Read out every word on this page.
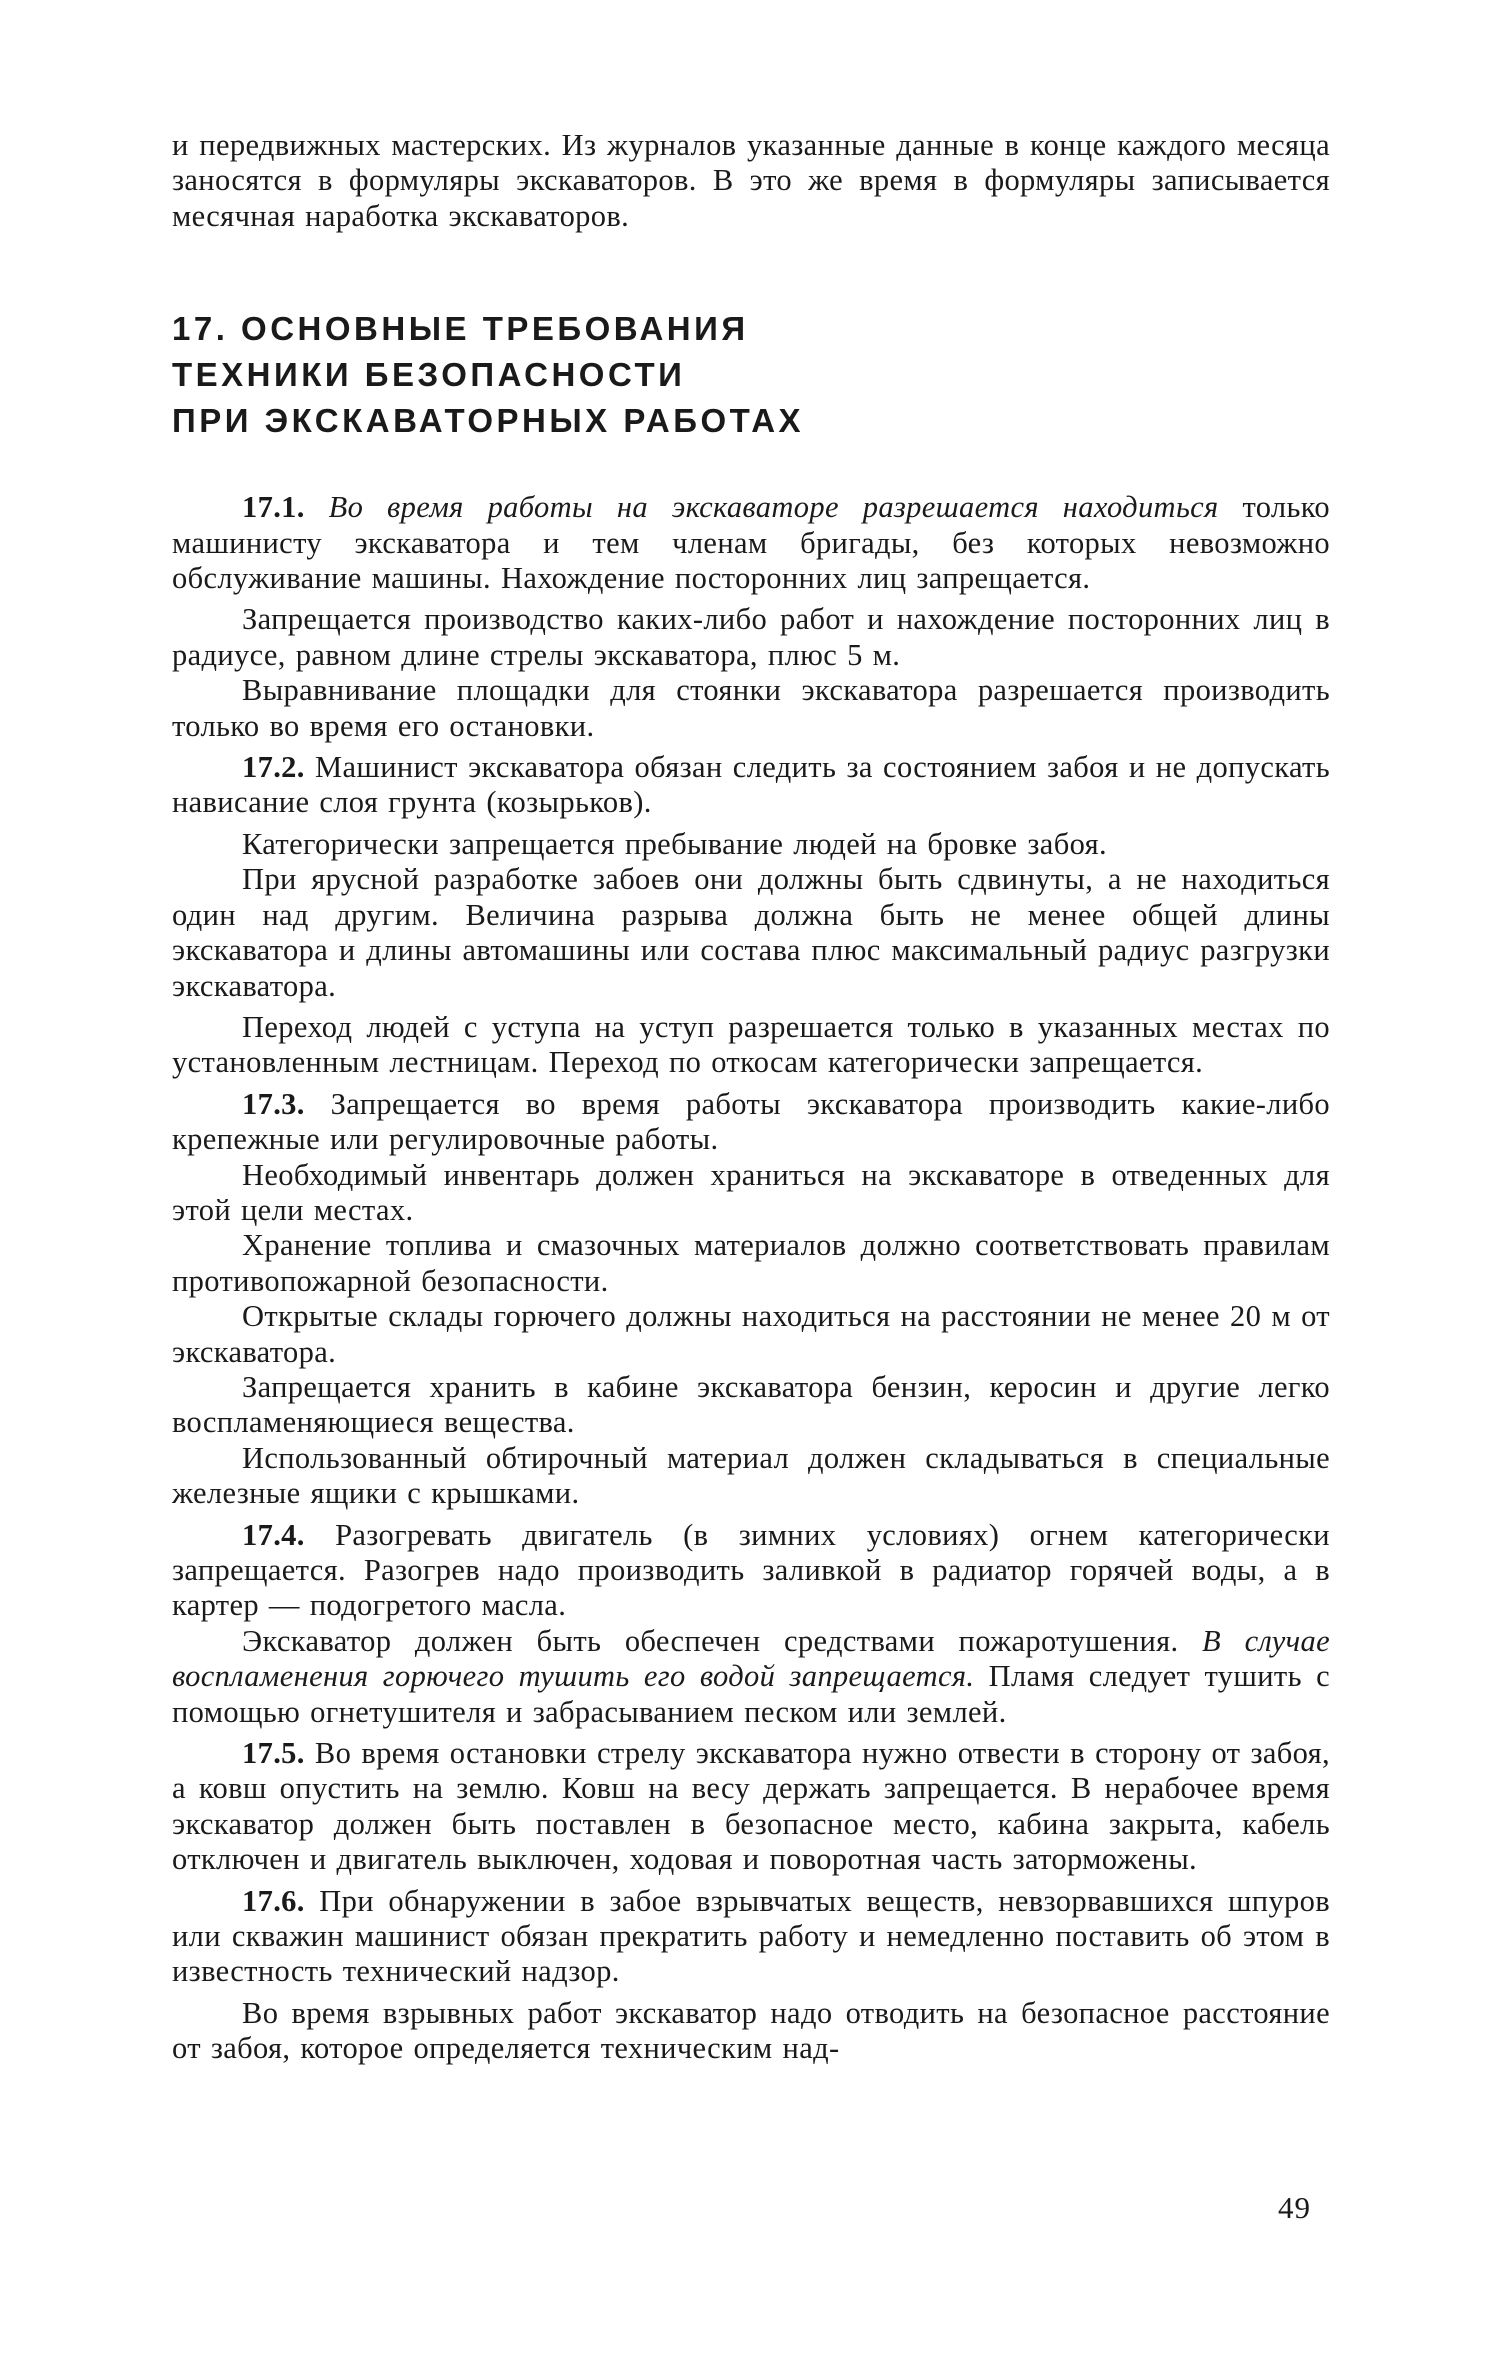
и передвижных мастерских. Из журналов указанные данные в конце каждого месяца заносятся в формуляры экскаваторов. В это же время в формуляры записывается месячная наработка экскаваторов.

17. ОСНОВНЫЕ ТРЕБОВАНИЯ
ТЕХНИКИ БЕЗОПАСНОСТИ
ПРИ ЭКСКАВАТОРНЫХ РАБОТАХ

17.1. Во время работы на экскаваторе разрешается находиться только машинисту экскаватора и тем членам бригады, без которых невозможно обслуживание машины. Нахождение посторонних лиц запрещается.

Запрещается производство каких-либо работ и нахождение посторонних лиц в радиусе, равном длине стрелы экскаватора, плюс 5 м.

Выравнивание площадки для стоянки экскаватора разрешается производить только во время его остановки.

17.2. Машинист экскаватора обязан следить за состоянием забоя и не допускать нависание слоя грунта (козырьков).

Категорически запрещается пребывание людей на бровке забоя.

При ярусной разработке забоев они должны быть сдвинуты, а не находиться один над другим. Величина разрыва должна быть не менее общей длины экскаватора и длины автомашины или состава плюс максимальный радиус разгрузки экскаватора.

Переход людей с уступа на уступ разрешается только в указанных местах по установленным лестницам. Переход по откосам категорически запрещается.

17.3. Запрещается во время работы экскаватора производить какие-либо крепежные или регулировочные работы.

Необходимый инвентарь должен храниться на экскаваторе в отведенных для этой цели местах.

Хранение топлива и смазочных материалов должно соответствовать правилам противопожарной безопасности.

Открытые склады горючего должны находиться на расстоянии не менее 20 м от экскаватора.

Запрещается хранить в кабине экскаватора бензин, керосин и другие легко воспламеняющиеся вещества.

Использованный обтирочный материал должен складываться в специальные железные ящики с крышками.

17.4. Разогревать двигатель (в зимних условиях) огнем категорически запрещается. Разогрев надо производить заливкой в радиатор горячей воды, а в картер — подогретого масла.

Экскаватор должен быть обеспечен средствами пожаротушения. В случае воспламенения горючего тушить его водой запрещается. Пламя следует тушить с помощью огнетушителя и забрасыванием песком или землей.

17.5. Во время остановки стрелу экскаватора нужно отвести в сторону от забоя, а ковш опустить на землю. Ковш на весу держать запрещается. В нерабочее время экскаватор должен быть поставлен в безопасное место, кабина закрыта, кабель отключен и двигатель выключен, ходовая и поворотная часть заторможены.

17.6. При обнаружении в забое взрывчатых веществ, невзорвавшихся шпуров или скважин машинист обязан прекратить работу и немедленно поставить об этом в известность технический надзор.

Во время взрывных работ экскаватор надо отводить на безопасное расстояние от забоя, которое определяется техническим над-

49
